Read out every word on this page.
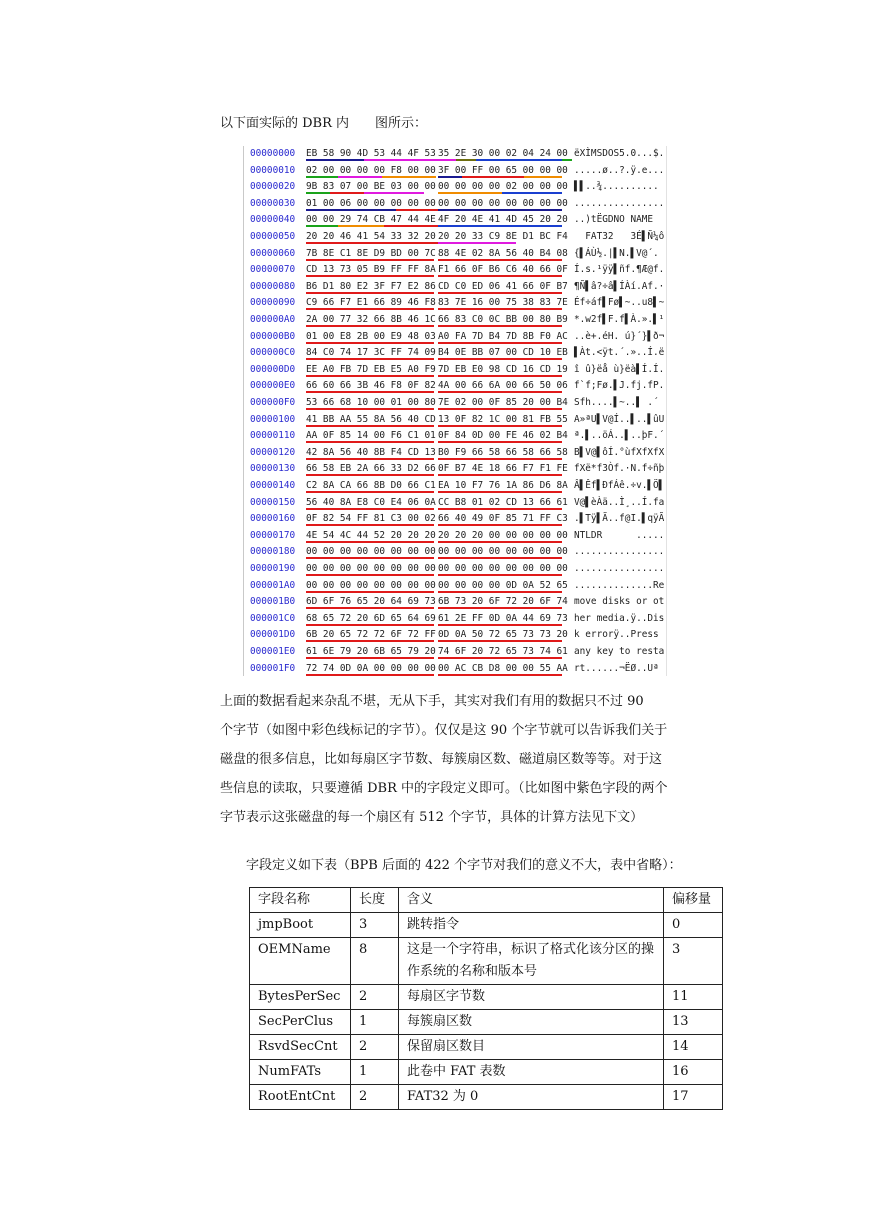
以下面实际的 DBR 内　　图所示：
00000000 EB 58 90 4D 53 44 4F 53 35 2E 30 00 02 04 24 00 ëXÌMSDOS5.0...$.
00000010 02 00 00 00 00 F8 00 00 3F 00 FF 00 65 00 00 00 .....ø..?.ÿ.e...
00000020 9B 83 07 00 BE 03 00 00 00 00 00 00 02 00 00 00 ▌▌..¾..........
00000030 01 00 06 00 00 00 00 00 00 00 00 00 00 00 00 00 ................
00000040 00 00 29 74 CB 47 44 4E 4F 20 4E 41 4D 45 20 20 ..)tËGDNO NAME
00000050 20 20 46 41 54 33 32 20 20 20 33 C9 8E D1 BC F4 FAT32   3É▌Ñ¼ô
00000060 7B 8E C1 8E D9 BD 00 7C 88 4E 02 8A 56 40 B4 08 {▌ÁÙ½.|▌N.▌V@´.
00000070 CD 13 73 05 B9 FF FF 8A F1 66 0F B6 C6 40 66 0F Í.s.¹ÿÿ▌ñf.¶Æ@f.
00000080 B6 D1 80 E2 3F F7 E2 86 CD C0 ED 06 41 66 0F B7 ¶Ñ▌â?÷â▌ÍÀí.Af.·
00000090 C9 66 F7 E1 66 89 46 F8 83 7E 16 00 75 38 83 7E Éf÷áf▌Fø▌~..u8▌~
000000A0 2A 00 77 32 66 8B 46 1C 66 83 C0 0C BB 00 80 B9 *.w2f▌F.f▌À.».▌¹
000000B0 01 00 E8 2B 00 E9 48 03 A0 FA 7D B4 7D 8B F0 AC ..è+.éH. ú}´}▌ð¬
000000C0 84 C0 74 17 3C FF 74 09 B4 0E BB 07 00 CD 10 EB ▌Àt.<ÿt.´.»..Í.ë
000000D0 EE A0 FB 7D EB E5 A0 F9 7D EB E0 98 CD 16 CD 19 î û}ëå ù}ëà▌Í.Í.
000000E0 66 60 66 3B 46 F8 0F 82 4A 00 66 6A 00 66 50 06 f`f;Fø.▌J.fj.fP.
000000F0 53 66 68 10 00 01 00 80 7E 02 00 0F 85 20 00 B4 Sfh....▌~..▌ .´
00000100 41 BB AA 55 8A 56 40 CD 13 0F 82 1C 00 81 FB 55 A»ªU▌V@Í..▌..▌ûU
00000110 AA 0F 85 14 00 F6 C1 01 0F 84 0D 00 FE 46 02 B4 ª.▌..öÁ..▌..þF.´
00000120 42 8A 56 40 8B F4 CD 13 B0 F9 66 58 66 58 66 58 B▌V@▌ôÍ.°ùfXfXfX
00000130 66 58 EB 2A 66 33 D2 66 0F B7 4E 18 66 F7 F1 FE fXë*f3Òf.·N.f÷ñþ
00000140 C2 8A CA 66 8B D0 66 C1 EA 10 F7 76 1A 86 D6 8A Â▌Êf▌ÐfÁê.÷v.▌Ö▌
00000150 56 40 8A E8 C0 E4 06 0A CC B8 01 02 CD 13 66 61 V@▌èÀä..Ì¸..Í.fa
00000160 0F 82 54 FF 81 C3 00 02 66 40 49 0F 85 71 FF C3 .▌Tÿ▌Ã..f@I.▌qÿÃ
00000170 4E 54 4C 44 52 20 20 20 20 20 20 00 00 00 00 00 NTLDR      .....
00000180 00 00 00 00 00 00 00 00 00 00 00 00 00 00 00 00 ................
00000190 00 00 00 00 00 00 00 00 00 00 00 00 00 00 00 00 ................
000001A0 00 00 00 00 00 00 00 00 00 00 00 00 0D 0A 52 65 ..............Re
000001B0 6D 6F 76 65 20 64 69 73 6B 73 20 6F 72 20 6F 74 move disks or ot
000001C0 68 65 72 20 6D 65 64 69 61 2E FF 0D 0A 44 69 73 her media.ÿ..Dis
000001D0 6B 20 65 72 72 6F 72 FF 0D 0A 50 72 65 73 73 20 k errorÿ..Press
000001E0 61 6E 79 20 6B 65 79 20 74 6F 20 72 65 73 74 61 any key to resta
000001F0 72 74 0D 0A 00 00 00 00 00 AC CB D8 00 00 55 AA rt......¬ËØ..Uª
上面的数据看起来杂乱不堪，无从下手，其实对我们有用的数据只不过 90
个字节（如图中彩色线标记的字节）。仅仅是这 90 个字节就可以告诉我们关于
磁盘的很多信息，比如每扇区字节数、每簇扇区数、磁道扇区数等等。对于这
些信息的读取，只要遵循 DBR 中的字段定义即可。（比如图中紫色字段的两个
字节表示这张磁盘的每一个扇区有 512 个字节，具体的计算方法见下文）
字段定义如下表（BPB 后面的 422 个字节对我们的意义不大，表中省略）：
字段名称	长度	含义	偏移量
jmpBoot	3	跳转指令	0
OEMName	8	这是一个字符串，标识了格式化该分区的操作系统的名称和版本号	3
BytesPerSec	2	每扇区字节数	11
SecPerClus	1	每簇扇区数	13
RsvdSecCnt	2	保留扇区数目	14
NumFATs	1	此卷中 FAT 表数	16
RootEntCnt	2	FAT32 为 0	17
